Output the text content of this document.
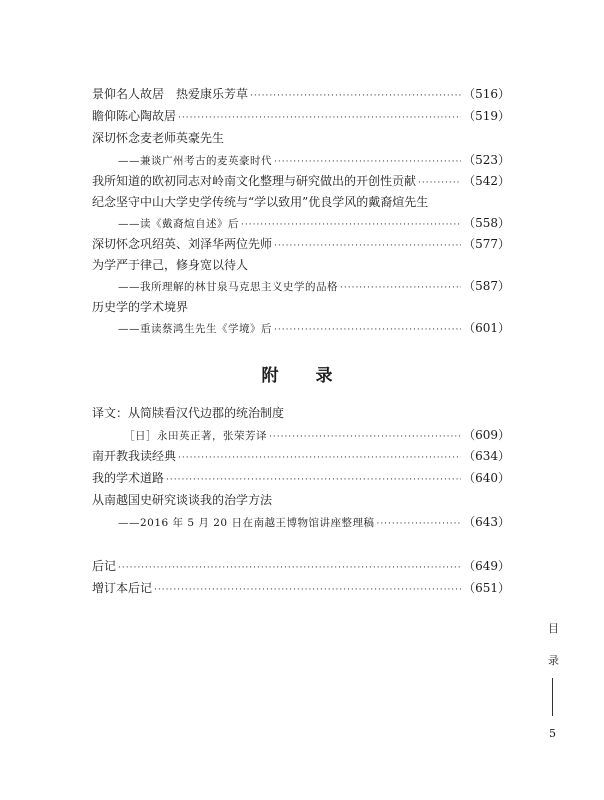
景仰名人故居　热爱康乐芳草 ·····	（516）
瞻仰陈心陶故居 ·····	（519）
深切怀念麦老师英豪先生
——兼谈广州考古的麦英豪时代 ·····	（523）
我所知道的欧初同志对岭南文化整理与研究做出的开创性贡献 ·····	（542）
纪念坚守中山大学史学传统与“学以致用”优良学风的戴裔煊先生
——读《戴裔煊自述》后 ·····	（558）
深切怀念巩绍英、刘泽华两位先师 ·····	（577）
为学严于律己，修身宽以待人
——我所理解的林甘泉马克思主义史学的品格 ·····	（587）
历史学的学术境界
——重读蔡鸿生先生《学境》后 ·····	（601）
附　录
译文：从简牍看汉代边郡的统治制度
［日］永田英正著，张荣芳译 ·····	（609）
南开教我读经典 ·····	（634）
我的学术道路 ·····	（640）
从南越国史研究谈谈我的治学方法
——2016 年 5 月 20 日在南越王博物馆讲座整理稿 ·····	（643）
后记 ·····	（649）
增订本后记 ·····	（651）
目
录
5
